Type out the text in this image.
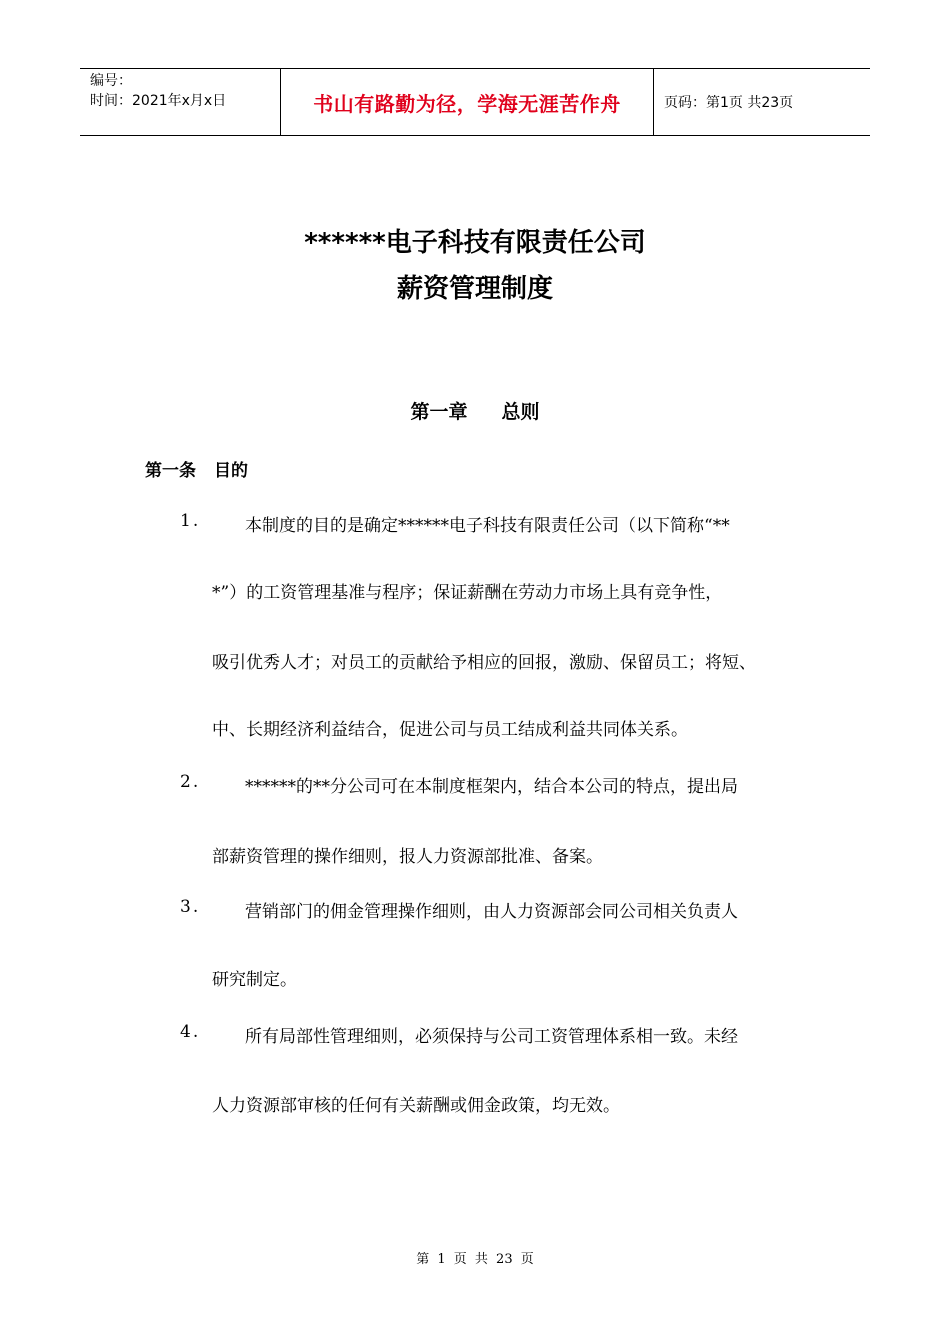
编号：
时间：2021年x月x日	书山有路勤为径，学海无涯苦作舟	页码：第1页 共23页
******电子科技有限责任公司
薪资管理制度
第一章 总则
第一条 目的
1.	本制度的目的是确定******电子科技有限责任公司（以下简称“**
*”）的工资管理基准与程序；保证薪酬在劳动力市场上具有竞争性，
吸引优秀人才；对员工的贡献给予相应的回报，激励、保留员工；将短、
中、长期经济利益结合，促进公司与员工结成利益共同体关系。
2.	******的**分公司可在本制度框架内，结合本公司的特点，提出局
部薪资管理的操作细则，报人力资源部批准、备案。
3.	营销部门的佣金管理操作细则，由人力资源部会同公司相关负责人
研究制定。
4.	所有局部性管理细则，必须保持与公司工资管理体系相一致。未经
人力资源部审核的任何有关薪酬或佣金政策，均无效。
第 1 页 共 23 页
